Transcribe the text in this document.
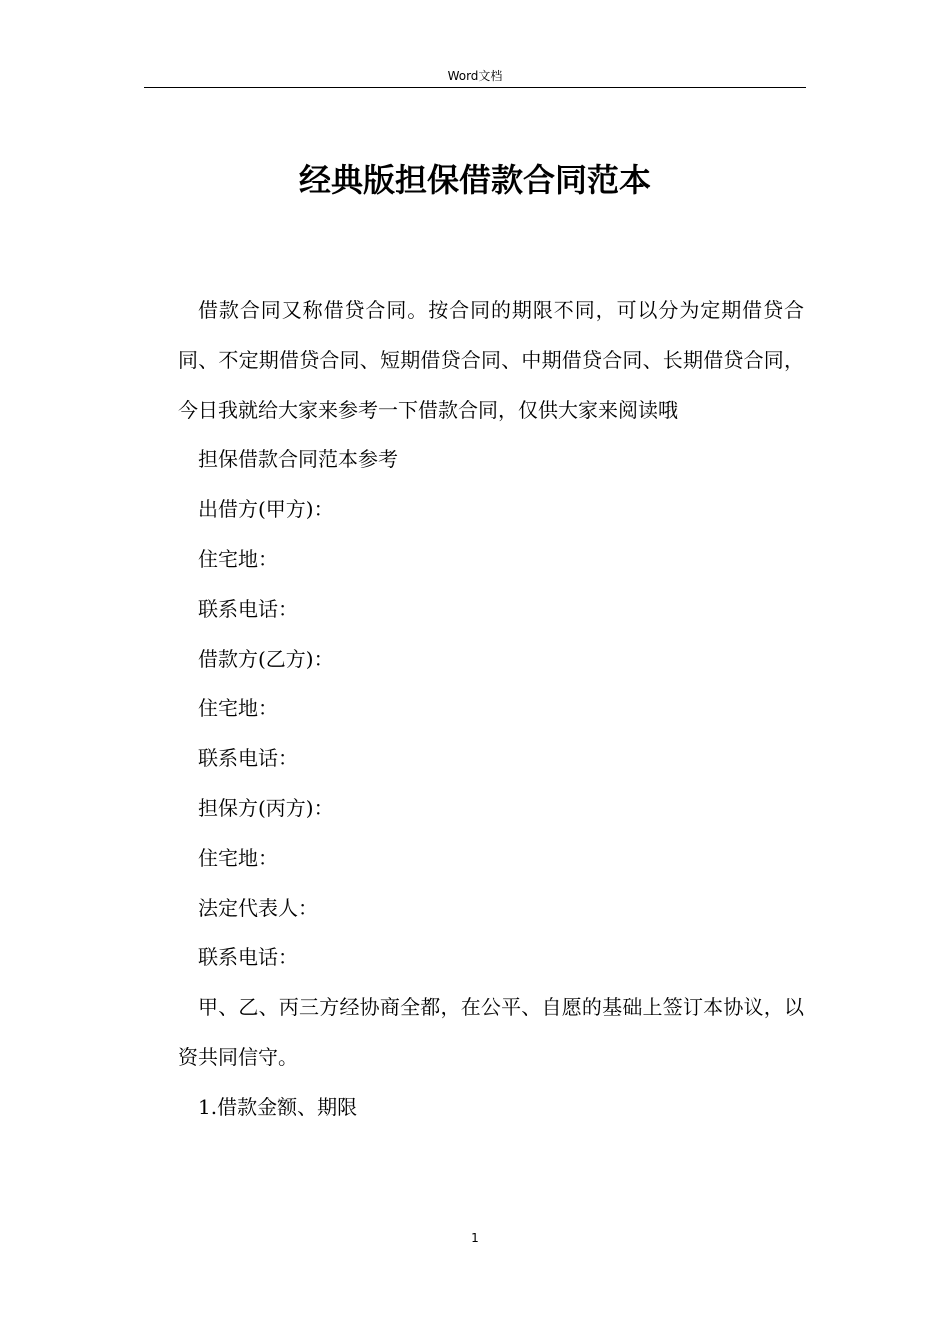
Word文档
经典版担保借款合同范本

借款合同又称借贷合同。按合同的期限不同，可以分为定期借贷合同、不定期借贷合同、短期借贷合同、中期借贷合同、长期借贷合同，今日我就给大家来参考一下借款合同，仅供大家来阅读哦

担保借款合同范本参考

出借方(甲方)：

住宅地：

联系电话：

借款方(乙方)：

住宅地：

联系电话：

担保方(丙方)：

住宅地：

法定代表人：

联系电话：

甲、乙、丙三方经协商全都，在公平、自愿的基础上签订本协议，以资共同信守。

1.借款金额、期限

1
